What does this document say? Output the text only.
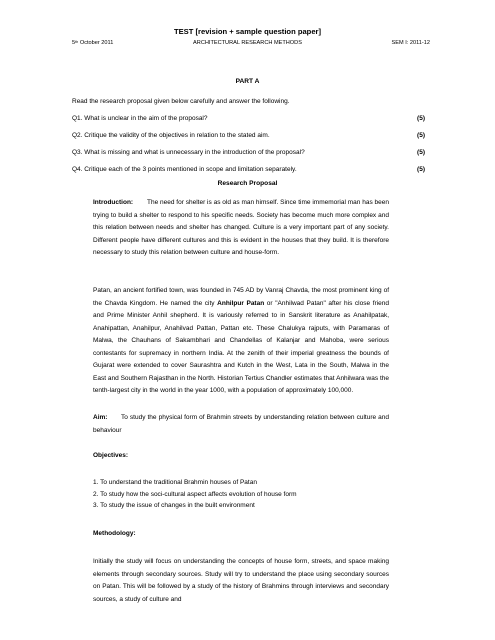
TEST [revision + sample question paper]
5th October 2011	ARCHITECTURAL RESEARCH METHODS	SEM I: 2011-12
PART A
Read the research proposal given below carefully and answer the following.
Q1. What is unclear in the aim of the proposal?	(5)
Q2. Critique the validity of the objectives in relation to the stated aim.	(5)
Q3. What is missing and what is unnecessary in the introduction of the proposal?	(5)
Q4. Critique each of the 3 points mentioned in scope and limitation separately.	(5)
Research Proposal
Introduction: The need for shelter is as old as man himself. Since time immemorial man has been trying to build a shelter to respond to his specific needs. Society has become much more complex and this relation between needs and shelter has changed. Culture is a very important part of any society. Different people have different cultures and this is evident in the houses that they build. It is therefore necessary to study this relation between culture and house-form.
Patan, an ancient fortified town, was founded in 745 AD by Vanraj Chavda, the most prominent king of the Chavda Kingdom. He named the city Anhilpur Patan or "Anhilwad Patan" after his close friend and Prime Minister Anhil shepherd. It is variously referred to in Sanskrit literature as Anahilpatak, Anahipattan, Anahilpur, Anahilvad Pattan, Pattan etc. These Chalukya rajputs, with Paramaras of Malwa, the Chauhans of Sakambhari and Chandellas of Kalanjar and Mahoba, were serious contestants for supremacy in northern India. At the zenith of their imperial greatness the bounds of Gujarat were extended to cover Saurashtra and Kutch in the West, Lata in the South, Malwa in the East and Southern Rajasthan in the North. Historian Tertius Chandler estimates that Anhilwara was the tenth-largest city in the world in the year 1000, with a population of approximately 100,000.
Aim: To study the physical form of Brahmin streets by understanding relation between culture and behaviour
Objectives:
1. To understand the traditional Brahmin houses of Patan
2. To study how the soci-cultural aspect affects evolution of house form
3. To study the issue of changes in the built environment
Methodology:
Initially the study will focus on understanding the concepts of house form, streets, and space making elements through secondary sources. Study will try to understand the place using secondary sources on Patan. This will be followed by a study of the history of Brahmins through interviews and secondary sources, a study of culture and
